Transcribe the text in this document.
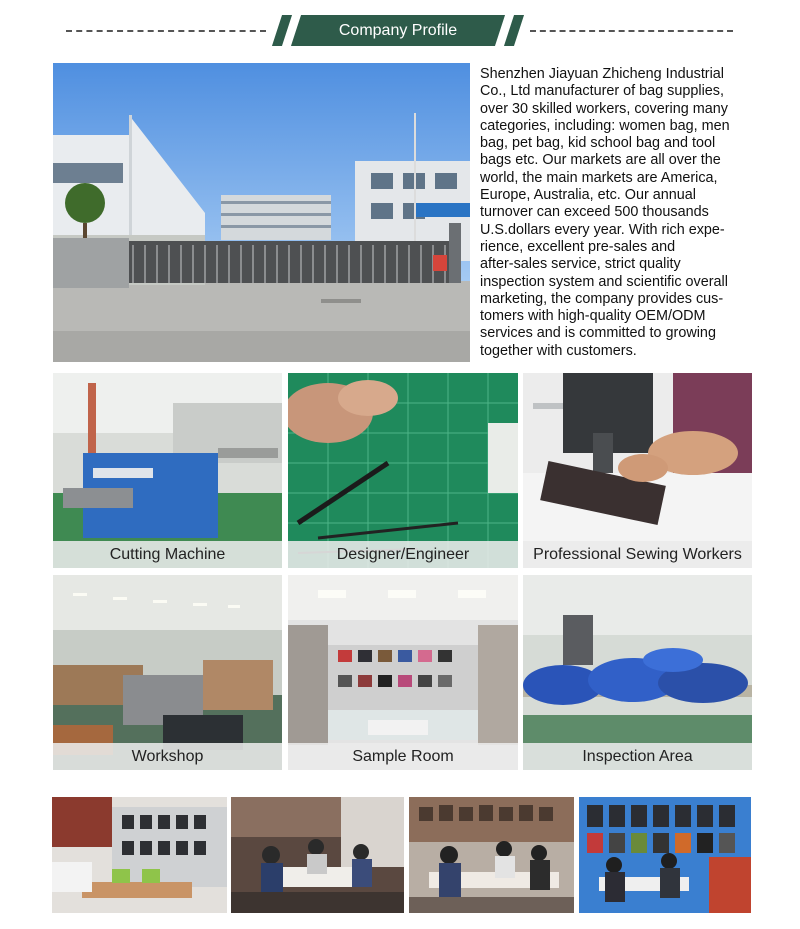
Company Profile
Shenzhen Jiayuan Zhicheng Industrial
Co., Ltd manufacturer of bag supplies,
over 30 skilled workers, covering many
categories, including: women bag, men
bag, pet bag, kid school bag and tool
bags etc. Our markets are all over the
world, the main markets are America,
Europe, Australia, etc. Our annual
turnover can exceed 500 thousands
U.S.dollars every year. With rich expe-
rience, excellent pre-sales and
after-sales service, strict quality
inspection system and scientific overall
marketing, the company provides cus-
tomers with high-quality OEM/ODM
services and is committed to growing
together with customers.
Cutting Machine	Designer/Engineer	Professional Sewing Workers
Workshop	Sample Room	Inspection Area
